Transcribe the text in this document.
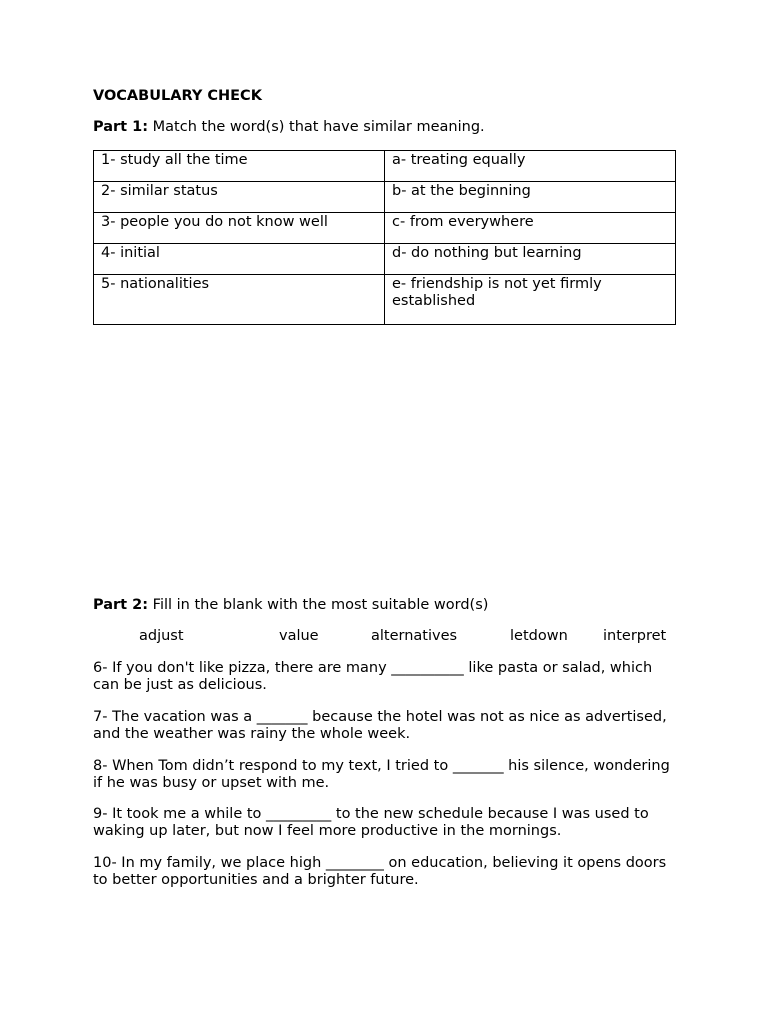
VOCABULARY CHECK
Part 1: Match the word(s) that have similar meaning.
1- study all the time	a- treating equally
2- similar status	b- at the beginning
3- people you do not know well	c- from everywhere
4- initial	d- do nothing but learning
5- nationalities	e- friendship is not yet firmly established
Part 2: Fill in the blank with the most suitable word(s)
adjust	value	alternatives	letdown interpret
6- If you don't like pizza, there are many __________ like pasta or salad, which can be just as delicious.
7- The vacation was a _______ because the hotel was not as nice as advertised, and the weather was rainy the whole week.
8- When Tom didn’t respond to my text, I tried to _______ his silence, wondering if he was busy or upset with me.
9- It took me a while to _________ to the new schedule because I was used to waking up later, but now I feel more productive in the mornings.
10- In my family, we place high ________ on education, believing it opens doors to better opportunities and a brighter future.
